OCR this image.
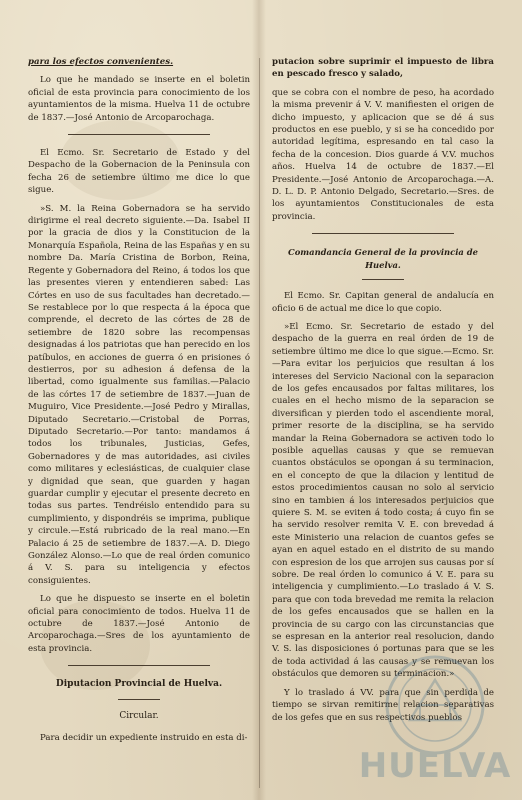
para los efectos convenientes.

Lo que he mandado se inserte en el boletin oficial de esta provincia para conocimiento de los ayuntamientos de la misma. Huelva 11 de octubre de 1837.—José Antonio de Arcoparochaga.

El Ecmo. Sr. Secretario de Estado y del Despacho de la Gobernacion de la Peninsula con fecha 26 de setiembre último me dice lo que sigue.

»S. M. la Reina Gobernadora se ha servido dirigirme el real decreto siguiente.—Da. Isabel II por la gracia de dios y la Constitucion de la Monarquía Española, Reina de las Españas y en su nombre Da. María Cristina de Borbon, Reina, Regente y Gobernadora del Reino, á todos los que las presentes vieren y entendieren sabed: Las Córtes en uso de sus facultades han decretado.—Se restablece por lo que respecta á la época que comprende, el decreto de las córtes de 28 de setiembre de 1820 sobre las recompensas designadas á los patriotas que han perecido en los patíbulos, en acciones de guerra ó en prisiones ó destierros, por su adhesion á defensa de la libertad, como igualmente sus familias.—Palacio de las córtes 17 de setiembre de 1837.—Juan de Muguiro, Vice Presidente.—José Pedro y Mirallas, Diputado Secretario.—Cristobal de Porras, Diputado Secretario.—Por tanto: mandamos á todos los tribunales, Justicias, Gefes, Gobernadores y de mas autoridades, asi civiles como militares y eclesiásticas, de cualquier clase y dignidad que sean, que guarden y hagan guardar cumplir y ejecutar el presente decreto en todas sus partes. Tendréislo entendido para su cumplimiento, y dispondréis se imprima, publique y circule.—Está rubricado de la real mano.—En Palacio á 25 de setiembre de 1837.—A. D. Diego González Alonso.—Lo que de real órden comunico á V. S. para su inteligencia y efectos consiguientes.

Lo que he dispuesto se inserte en el boletin oficial para conocimiento de todos. Huelva 11 de octubre de 1837.—José Antonio de Arcoparochaga.—Sres de los ayuntamiento de esta provincia.

Diputacion Provincial de Huelva.

Circular.

Para decidir un expediente instruido en esta di-

putacion sobre suprimir el impuesto de libra en pescado fresco y salado,

que se cobra con el nombre de peso, ha acordado la misma prevenir á V. V. manifiesten el origen de dicho impuesto, y aplicacion que se dé á sus productos en ese pueblo, y si se ha concedido por autoridad legítima, espresando en tal caso la fecha de la concesion. Dios guarde á V.V. muchos años. Huelva 14 de octubre de 1837.—El Presidente.—José Antonio de Arcoparochaga.—A. D. L. D. P. Antonio Delgado, Secretario.—Sres. de los ayuntamientos Constitucionales de esta provincia.

Comandancia General de la provincia de Huelva.

El Ecmo. Sr. Capitan general de andalucía en oficio 6 de actual me dice lo que copio.

»El Ecmo. Sr. Secretario de estado y del despacho de la guerra en real órden de 19 de setiembre último me dice lo que sigue.—Ecmo. Sr.—Para evitar los perjuicios que resultan á los intereses del Servicio Nacional con la separacion de los gefes encausados por faltas militares, los cuales en el hecho mismo de la separacion se diversifican y pierden todo el ascendiente moral, primer resorte de la disciplina, se ha servido mandar la Reina Gobernadora se activen todo lo posible aquellas causas y que se remuevan cuantos obstáculos se opongan á su terminacion, en el concepto de que la dilacion y lentitud de estos procedimientos causan no solo al servicio sino en tambien á los interesados perjuicios que quiere S. M. se eviten á todo costa; á cuyo fin se ha servido resolver remita V. E. con brevedad á este Ministerio una relacion de cuantos gefes se ayan en aquel estado en el distrito de su mando con espresion de los que arrojen sus causas por sí sobre. De real órden lo comunico á V. E. para su inteligencia y cumplimiento.—Lo traslado á V. S. para que con toda brevedad me remita la relacion de los gefes encausados que se hallen en la provincia de su cargo con las circunstancias que se espresan en la anterior real resolucion, dando V. S. las disposiciones ó portunas para que se les de toda actividad á las causas y se remuevan los obstáculos que demoren su terminacion.»

Y lo traslado á VV. para que sin perdida de tiempo se sirvan remitirme relacion separativas de los gefes que en sus respectivos pueblos

HUELVA
